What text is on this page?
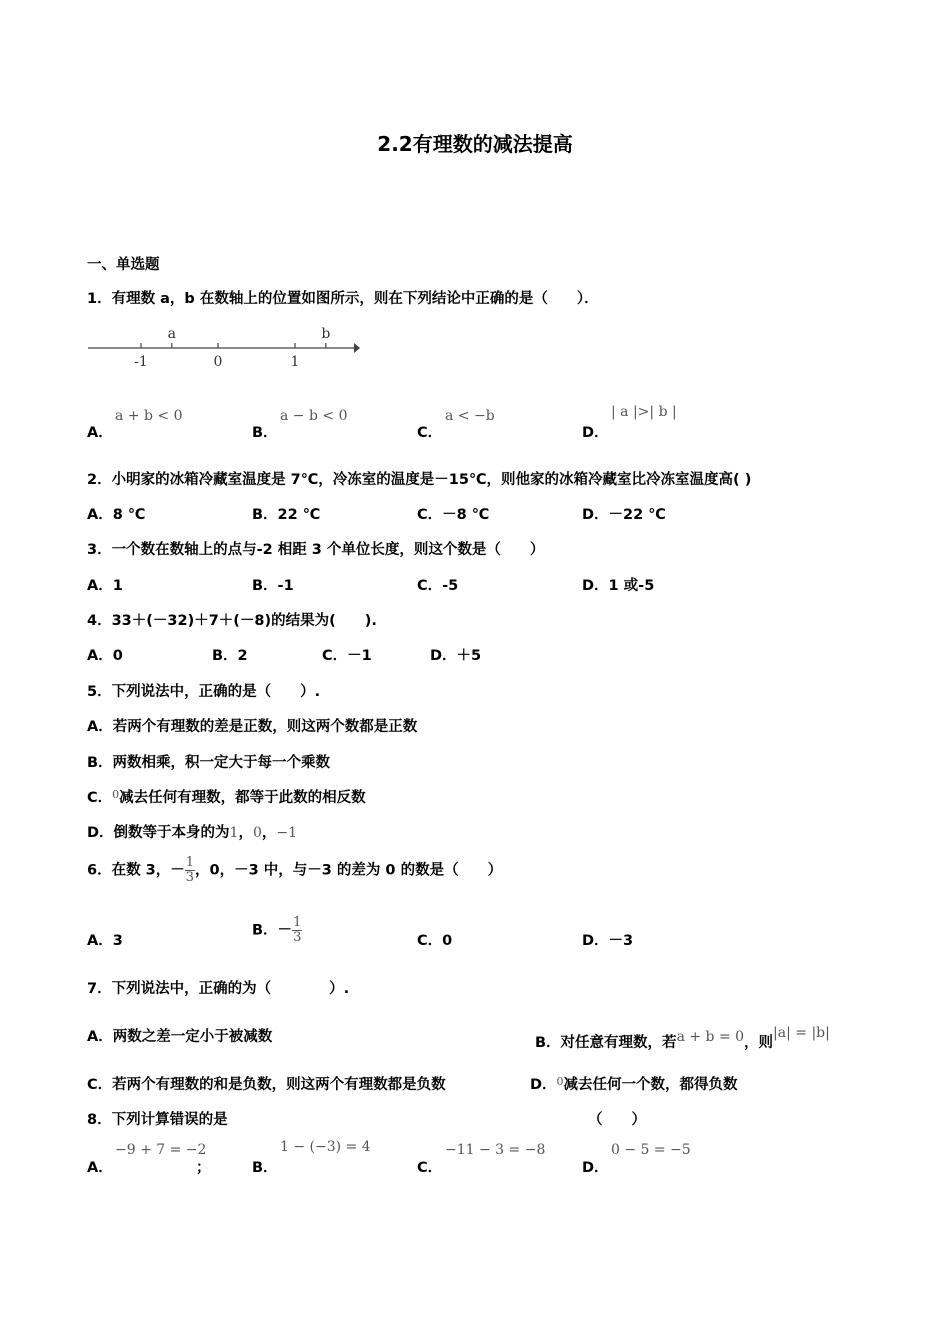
2.2有理数的减法提高
一、单选题
1．有理数 a，b 在数轴上的位置如图所示，则在下列结论中正确的是（　　）．
-1	0	1
a	b
A．
a + b < 0
B．
a − b < 0
C．
a < −b
D．
| a |>| b |
2．小明家的冰箱冷藏室温度是 7℃，冷冻室的温度是－15℃，则他家的冰箱冷藏室比冷冻室温度高( )
A．8 ℃	B．22 ℃	C．－8 ℃	D．－22 ℃
3．一个数在数轴上的点与-2 相距 3 个单位长度，则这个数是（　　）
A．1	B．-1	C．-5	D．1 或-5
4．33＋(－32)＋7＋(－8)的结果为(　　).
A．0	B．2	C．－1	D．＋5
5．下列说法中，正确的是（　　）.
A．若两个有理数的差是正数，则这两个数都是正数
B．两数相乘，积一定大于每一个乘数
C．$^0$减去任何有理数，都等于此数的相反数
D．倒数等于本身的为1，0，−1
6．在数 3，－ $\frac{1}{3}$ ，0，－3 中，与－3 的差为 0 的数是（　　）
A．3
B．－ $\frac{1}{3}$	C．0	D．－3
7．下列说法中，正确的为（　　　　）.
A．两数之差一定小于被减数	B．对任意有理数，若a + b = 0，则|a| = |b|
C．若两个有理数的和是负数，则这两个有理数都是负数	D．$^0$减去任何一个数，都得负数
8．下列计算错误的是	（　　）
A．
−9 + 7 = −2
；	B．
1 − (−3) = 4
C．
−11 − 3 = −8
D．
0 − 5 = −5
